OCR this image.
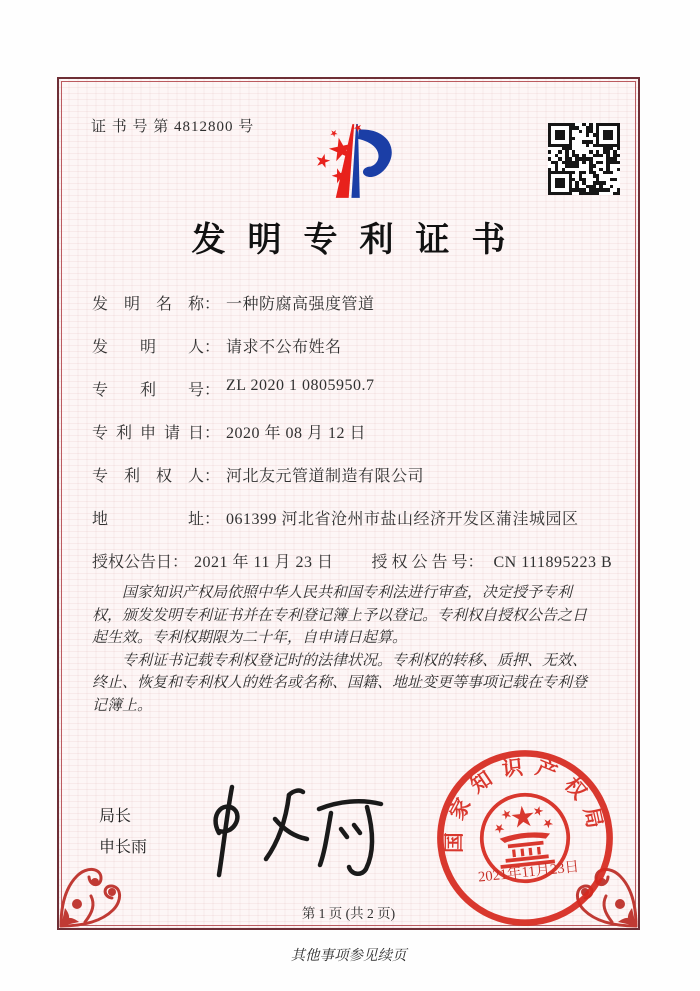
证 书 号 第 4812800 号
发明专利证书
发明名称 ： 一种防腐高强度管道
发明人 ： 请求不公布姓名
专利号 ： ZL 2020 1 0805950.7
专利申请日 ： 2020 年 08 月 12 日
专利权人 ： 河北友元管道制造有限公司
地址 ： 061399 河北省沧州市盐山经济开发区蒲洼城园区
授权公告日 ： 2021 年 11 月 23 日 授权公告号： CN 111895223 B

国家知识产权局依照中华人民共和国专利法进行审查，决定授予专利权，颁发发明专利证书并在专利登记簿上予以登记。专利权自授权公告之日起生效。专利权期限为二十年，自申请日起算。

专利证书记载专利权登记时的法律状况。专利权的转移、质押、无效、终止、恢复和专利权人的姓名或名称、国籍、地址变更等事项记载在专利登记簿上。

局长
申长雨	国家知识产权局
2021年11月23日
第 1 页 (共 2 页)
其他事项参见续页
